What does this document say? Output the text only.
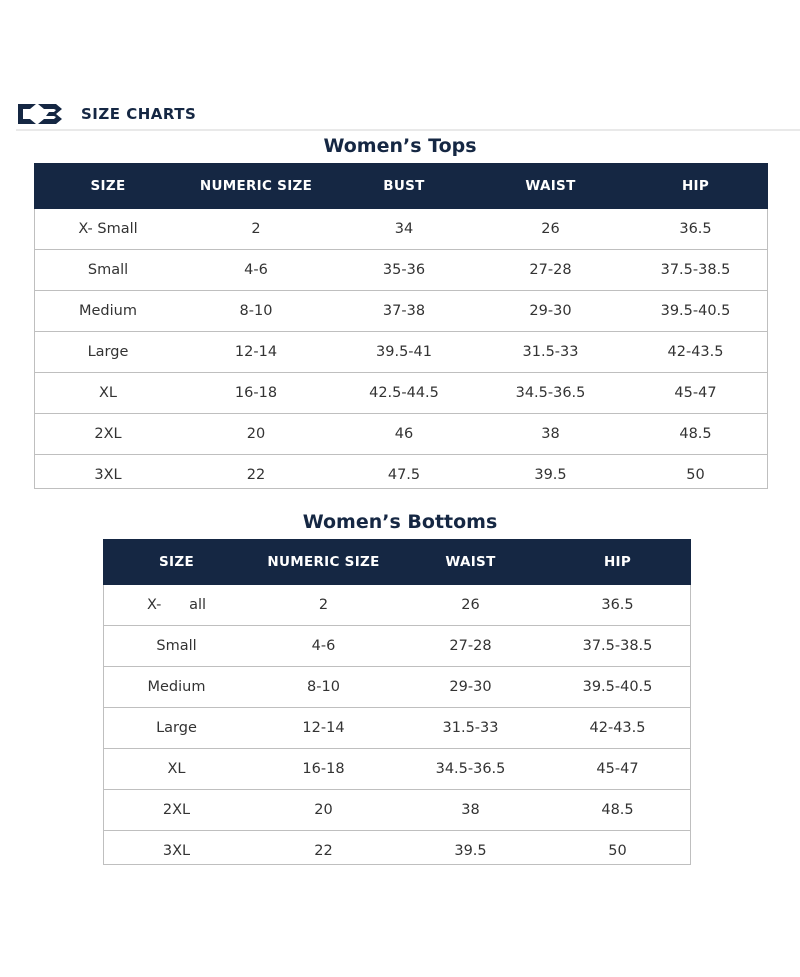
SIZE CHARTS
Women’s Tops
SIZE	NUMERIC SIZE	BUST	WAIST	HIP
X- Small	2	34	26	36.5
Small	4-6	35-36	27-28	37.5-38.5
Medium	8-10	37-38	29-30	39.5-40.5
Large	12-14	39.5-41	31.5-33	42-43.5
XL	16-18	42.5-44.5	34.5-36.5	45-47
2XL	20	46	38	48.5
3XL	22	47.5	39.5	50
Women’s Bottoms
SIZE	NUMERIC SIZE	WAIST	HIP
X-      all	2	26	36.5
Small	4-6	27-28	37.5-38.5
Medium	8-10	29-30	39.5-40.5
Large	12-14	31.5-33	42-43.5
XL	16-18	34.5-36.5	45-47
2XL	20	38	48.5
3XL	22	39.5	50
